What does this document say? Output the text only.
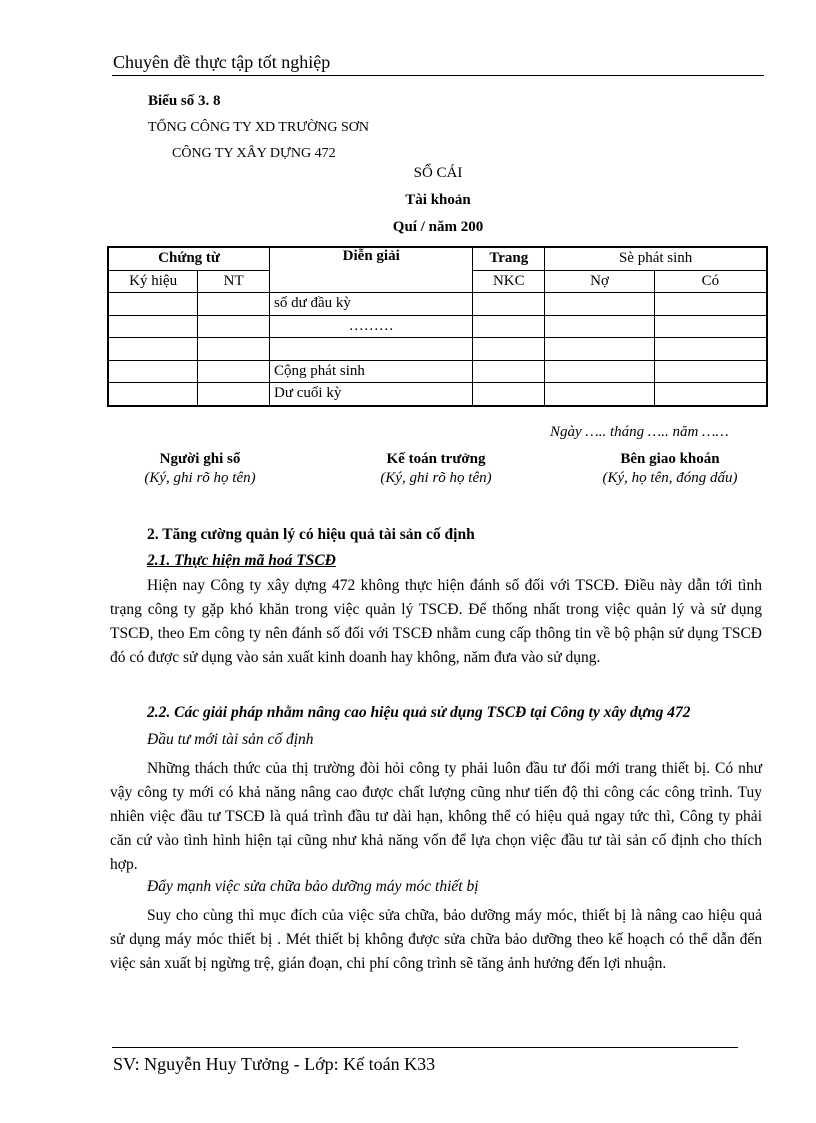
Chuyên đề thực tập tốt nghiệp
Biểu số 3. 8
TỔNG CÔNG TY XD TRƯỜNG SƠN
CÔNG TY XÂY DỰNG 472
SỔ CÁI
Tài khoản
Quí / năm 200
Chứng từ		Diễn giải	Trang	Sè phát sinh	
Ký hiệu	NT		NKC	Nợ	Có
		số dư đầu kỳ			
		………			

		Cộng phát sinh			
		Dư cuối kỳ			
Ngày ….. tháng ….. năm ……
Người ghi sổ
(Ký, ghi rõ họ tên)
Kế toán trưởng
(Ký, ghi rõ họ tên)
Bên giao khoán
(Ký, họ tên, đóng dấu)
2. Tăng cường quản lý có hiệu quả tài sản cố định
2.1. Thực hiện mã hoá TSCĐ
Hiện nay Công ty xây dựng 472 không thực hiện đánh số đối với TSCĐ. Điều này dẫn tới tình trạng công ty gặp khó khăn trong việc quản lý TSCĐ. Để thống nhất trong việc quản lý và sử dụng TSCĐ, theo Em công ty nên đánh số đối với TSCĐ nhằm cung cấp thông tin về bộ phận sử dụng TSCĐ đó có được sử dụng vào sản xuất kinh doanh hay không, năm đưa vào sử dụng.
2.2. Các giải pháp nhằm nâng cao hiệu quả sử dụng TSCĐ tại Công ty xây dựng 472
Đầu tư mới tài sản cố định
Những thách thức của thị trường đòi hỏi công ty phải luôn đầu tư đổi mới trang thiết bị. Có như vậy công ty mới có khả năng nâng cao được chất lượng cũng như tiến độ thi công các công trình. Tuy nhiên việc đầu tư TSCĐ là quá trình đầu tư dài hạn, không thể có hiệu quả ngay tức thì, Công ty phải căn cứ vào tình hình hiện tại cũng như khả năng vốn để lựa chọn việc đầu tư tài sản cố định cho thích hợp.
Đẩy mạnh việc sửa chữa bảo dưỡng máy móc thiết bị
Suy cho cùng thì mục đích của việc sửa chữa, bảo dưỡng máy móc, thiết bị là nâng cao hiệu quả sử dụng máy móc thiết bị . Mét thiết bị không được sửa chữa bảo dưỡng theo kế hoạch có thể dẫn đến việc sản xuất bị ngừng trệ, gián đoạn, chi phí công trình sẽ tăng ảnh hưởng đến lợi nhuận.
SV: Nguyễn Huy Tưởng - Lớp: Kế toán K33
